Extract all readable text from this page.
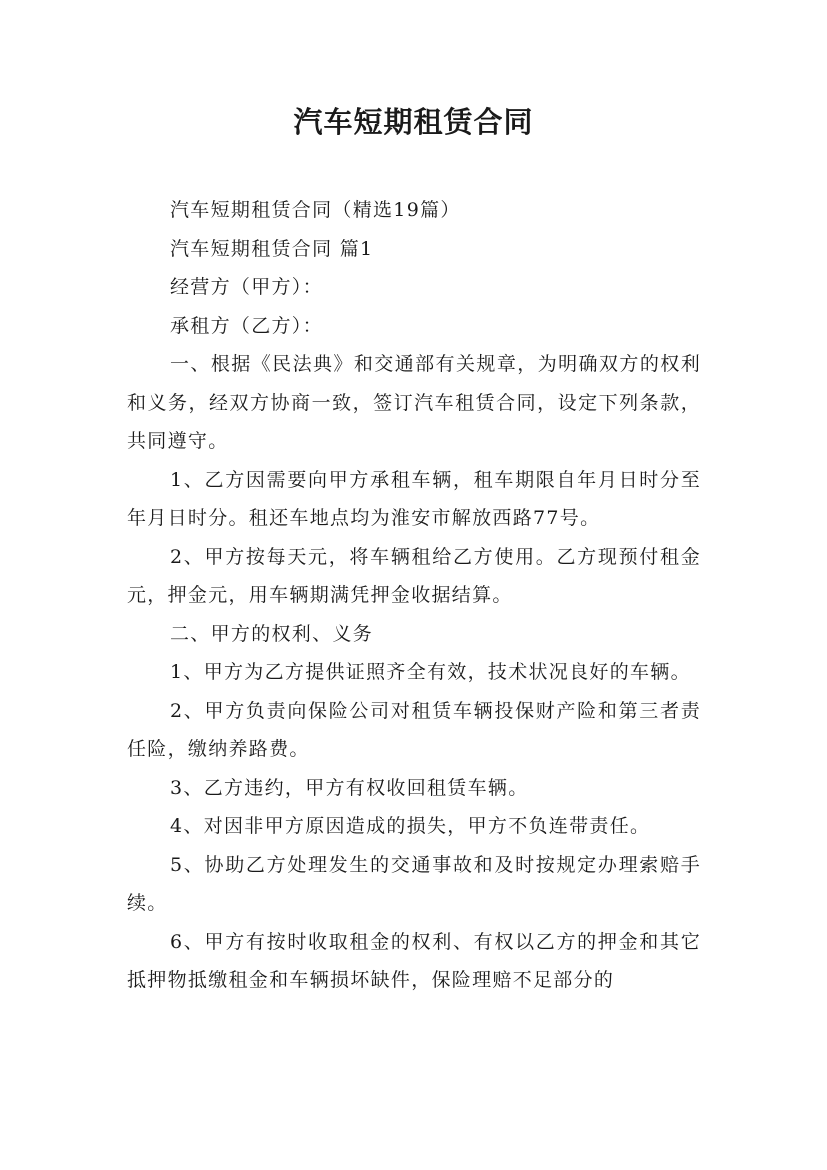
汽车短期租赁合同

汽车短期租赁合同（精选19篇）

汽车短期租赁合同 篇1

经营方（甲方）：

承租方（乙方）：

一、根据《民法典》和交通部有关规章，为明确双方的权利和义务，经双方协商一致，签订汽车租赁合同，设定下列条款，共同遵守。

1、乙方因需要向甲方承租车辆，租车期限自年月日时分至年月日时分。租还车地点均为淮安市解放西路77号。

2、甲方按每天元，将车辆租给乙方使用。乙方现预付租金元，押金元，用车辆期满凭押金收据结算。

二、甲方的权利、义务

1、甲方为乙方提供证照齐全有效，技术状况良好的车辆。

2、甲方负责向保险公司对租赁车辆投保财产险和第三者责任险，缴纳养路费。

3、乙方违约，甲方有权收回租赁车辆。

4、对因非甲方原因造成的损失，甲方不负连带责任。

5、协助乙方处理发生的交通事故和及时按规定办理索赔手续。

6、甲方有按时收取租金的权利、有权以乙方的押金和其它抵押物抵缴租金和车辆损坏缺件，保险理赔不足部分的
